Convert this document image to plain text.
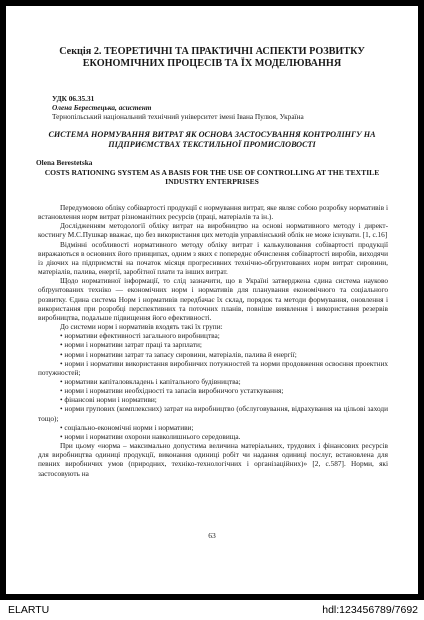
Секція 2. ТЕОРЕТИЧНІ ТА ПРАКТИЧНІ АСПЕКТИ РОЗВИТКУ ЕКОНОМІЧНИХ ПРОЦЕСІВ ТА ЇХ МОДЕЛЮВАННЯ
УДК 06.35.31
Олена Берестецька, асистент
Тернопільський національний технічний університет імені Івана Пулюя, Україна
СИСТЕМА НОРМУВАННЯ ВИТРАТ ЯК ОСНОВА ЗАСТОСУВАННЯ КОНТРОЛІНГУ НА ПІДПРИЄМСТВАХ ТЕКСТИЛЬНОЇ ПРОМИСЛОВОСТІ
Olena Berestetska
COSTS RATIONING SYSTEM AS A BASIS FOR THE USE OF CONTROLLING AT THE TEXTILE INDUSTRY ENTERPRISES

Передумовою обліку собівартості продукції є нормування витрат, яке являє собою розробку нормативів і встановлення норм витрат різноманітних ресурсів (праці, матеріалів та ін.).

Дослідженням методології обліку витрат на виробництво на основі нормативного методу і директ-костингу М.С.Пушкар вважає, що без використання цих методів управлінський облік не може існувати. [1, с.16]

Відмінні особливості нормативного методу обліку витрат і калькулювання собівартості продукції виражаються в основних його принципах, одним з яких є попереднє обчислення собівартості виробів, виходячи із діючих на підприємстві на початок місяця прогресивних технічно-обгрунтованих норм витрат сировини, матеріалів, палива, енергії, заробітної плати та інших витрат.

Щодо нормативної інформації, то слід зазначити, що в Україні затверджена єдина система науково обґрунтованих техніко — економічних норм і нормативів для планування економічного та соціального розвитку. Єдина система Норм і нормативів передбачає їх склад, порядок та методи формування, оновлення і використання при розробці перспективних та поточних планів, повніше виявлення і використання резервів виробництва, подальше підвищення його ефективності.

До системи норм і нормативів входять такі їх групи:

• нормативи ефективності загального виробництва;

• норми і нормативи затрат праці та зарплати;

• норми і нормативи затрат та запасу сировини, матеріалів, палива й енергії;

• норми і нормативи використання виробничих потужностей та норми продовження освоєння проектних потужностей;

• нормативи капіталовкладень і капітального будівництва;

• норми і нормативи необхідності та запасів виробничого устаткування;

• фінансові норми і нормативи;

• норми групових (комплексних) затрат на виробництво (обслуговування, відрахування на цільові заходи тощо);

• соціально-економічні норми і нормативи;

• норми і нормативи охорони навколишнього середовища.

При цьому «норма – максимально допустима величина матеріальних, трудових і фінансових ресурсів для виробництва одиниці продукції, виконання одиниці робіт чи надання одиниці послуг, встановлена для певних виробничих умов (природних, техніко-технологічних і організаційних)» [2, с.587]. Норми, які застосовують на

63
ELARTU	hdl:123456789/7692
